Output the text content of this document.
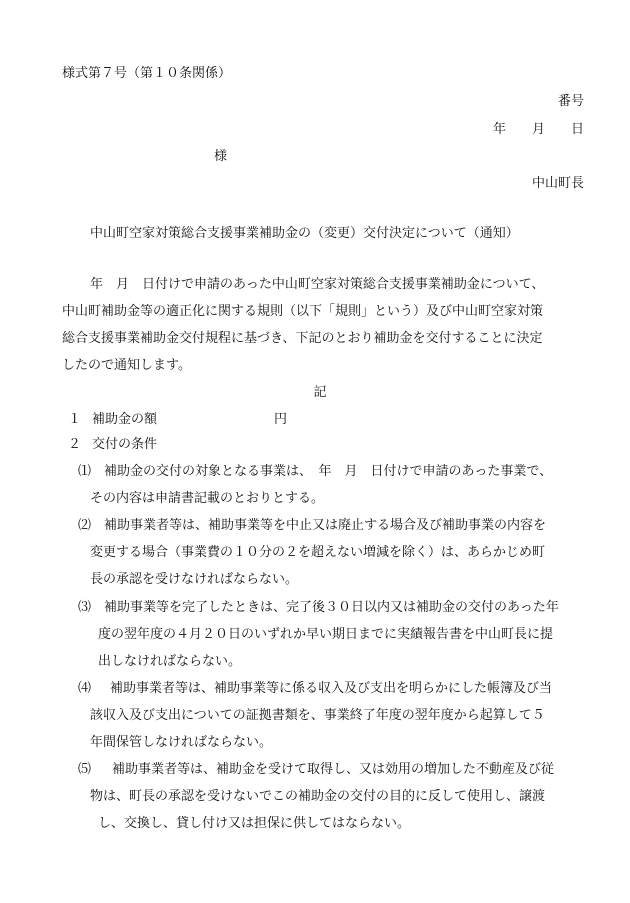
様式第７号（第１０条関係）
番号
年　　月　　日
様
中山町長
中山町空家対策総合支援事業補助金の（変更）交付決定について（通知）
年　月　日付けで申請のあった中山町空家対策総合支援事業補助金について、
中山町補助金等の適正化に関する規則（以下「規則」という）及び中山町空家対策
総合支援事業補助金交付規程に基づき、下記のとおり補助金を交付することに決定
したので通知します。
記
１ 補助金の額	円
２ 交付の条件
⑴ 補助金の交付の対象となる事業は、　年　月　日付けで申請のあった事業で、
その内容は申請書記載のとおりとする。
⑵ 補助事業者等は、補助事業等を中止又は廃止する場合及び補助事業の内容を
変更する場合（事業費の１０分の２を超えない増減を除く）は、あらかじめ町
長の承認を受けなければならない。
⑶ 補助事業等を完了したときは、完了後３０日以内又は補助金の交付のあった年
度の翌年度の４月２０日のいずれか早い期日までに実績報告書を中山町長に提
出しなければならない。
⑷ 補助事業者等は、補助事業等に係る収入及び支出を明らかにした帳簿及び当
該収入及び支出についての証拠書類を、事業終了年度の翌年度から起算して５
年間保管しなければならない。
⑸ 補助事業者等は、補助金を受けて取得し、又は効用の増加した不動産及び従
物は、町長の承認を受けないでこの補助金の交付の目的に反して使用し、譲渡
し、交換し、貸し付け又は担保に供してはならない。
